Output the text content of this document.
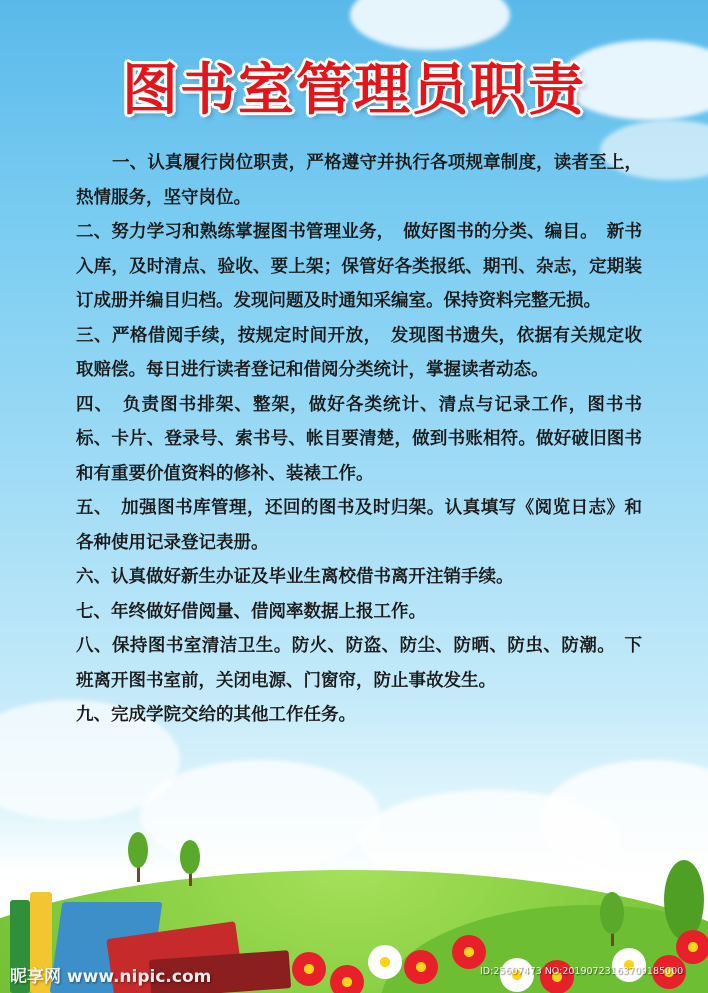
图书室管理员职责

一、认真履行岗位职责，严格遵守并执行各项规章制度，读者至上，热情服务，坚守岗位。

二、努力学习和熟练掌握图书管理业务，　做好图书的分类、编目。　新书入库，及时清点、验收、要上架；保管好各类报纸、期刊、杂志，定期装订成册并编目归档。发现问题及时通知采编室。保持资料完整无损。

三、严格借阅手续，按规定时间开放，　发现图书遗失，依据有关规定收取赔偿。每日进行读者登记和借阅分类统计，掌握读者动态。

四、　负责图书排架、整架，做好各类统计、清点与记录工作，图书书标、卡片、登录号、索书号、帐目要清楚，做到书账相符。做好破旧图书和有重要价值资料的修补、装裱工作。

五、　加强图书库管理，还回的图书及时归架。认真填写《阅览日志》和各种使用记录登记表册。

六、认真做好新生办证及毕业生离校借书离开注销手续。

七、年终做好借阅量、借阅率数据上报工作。

八、保持图书室清洁卫生。防火、防盗、防尘、防晒、防虫、防潮。　下班离开图书室前，关闭电源、门窗帘，防止事故发生。

九、完成学院交给的其他工作任务。

昵享网 www.nipic.com	ID:25607473 NO:20190723163709185000
